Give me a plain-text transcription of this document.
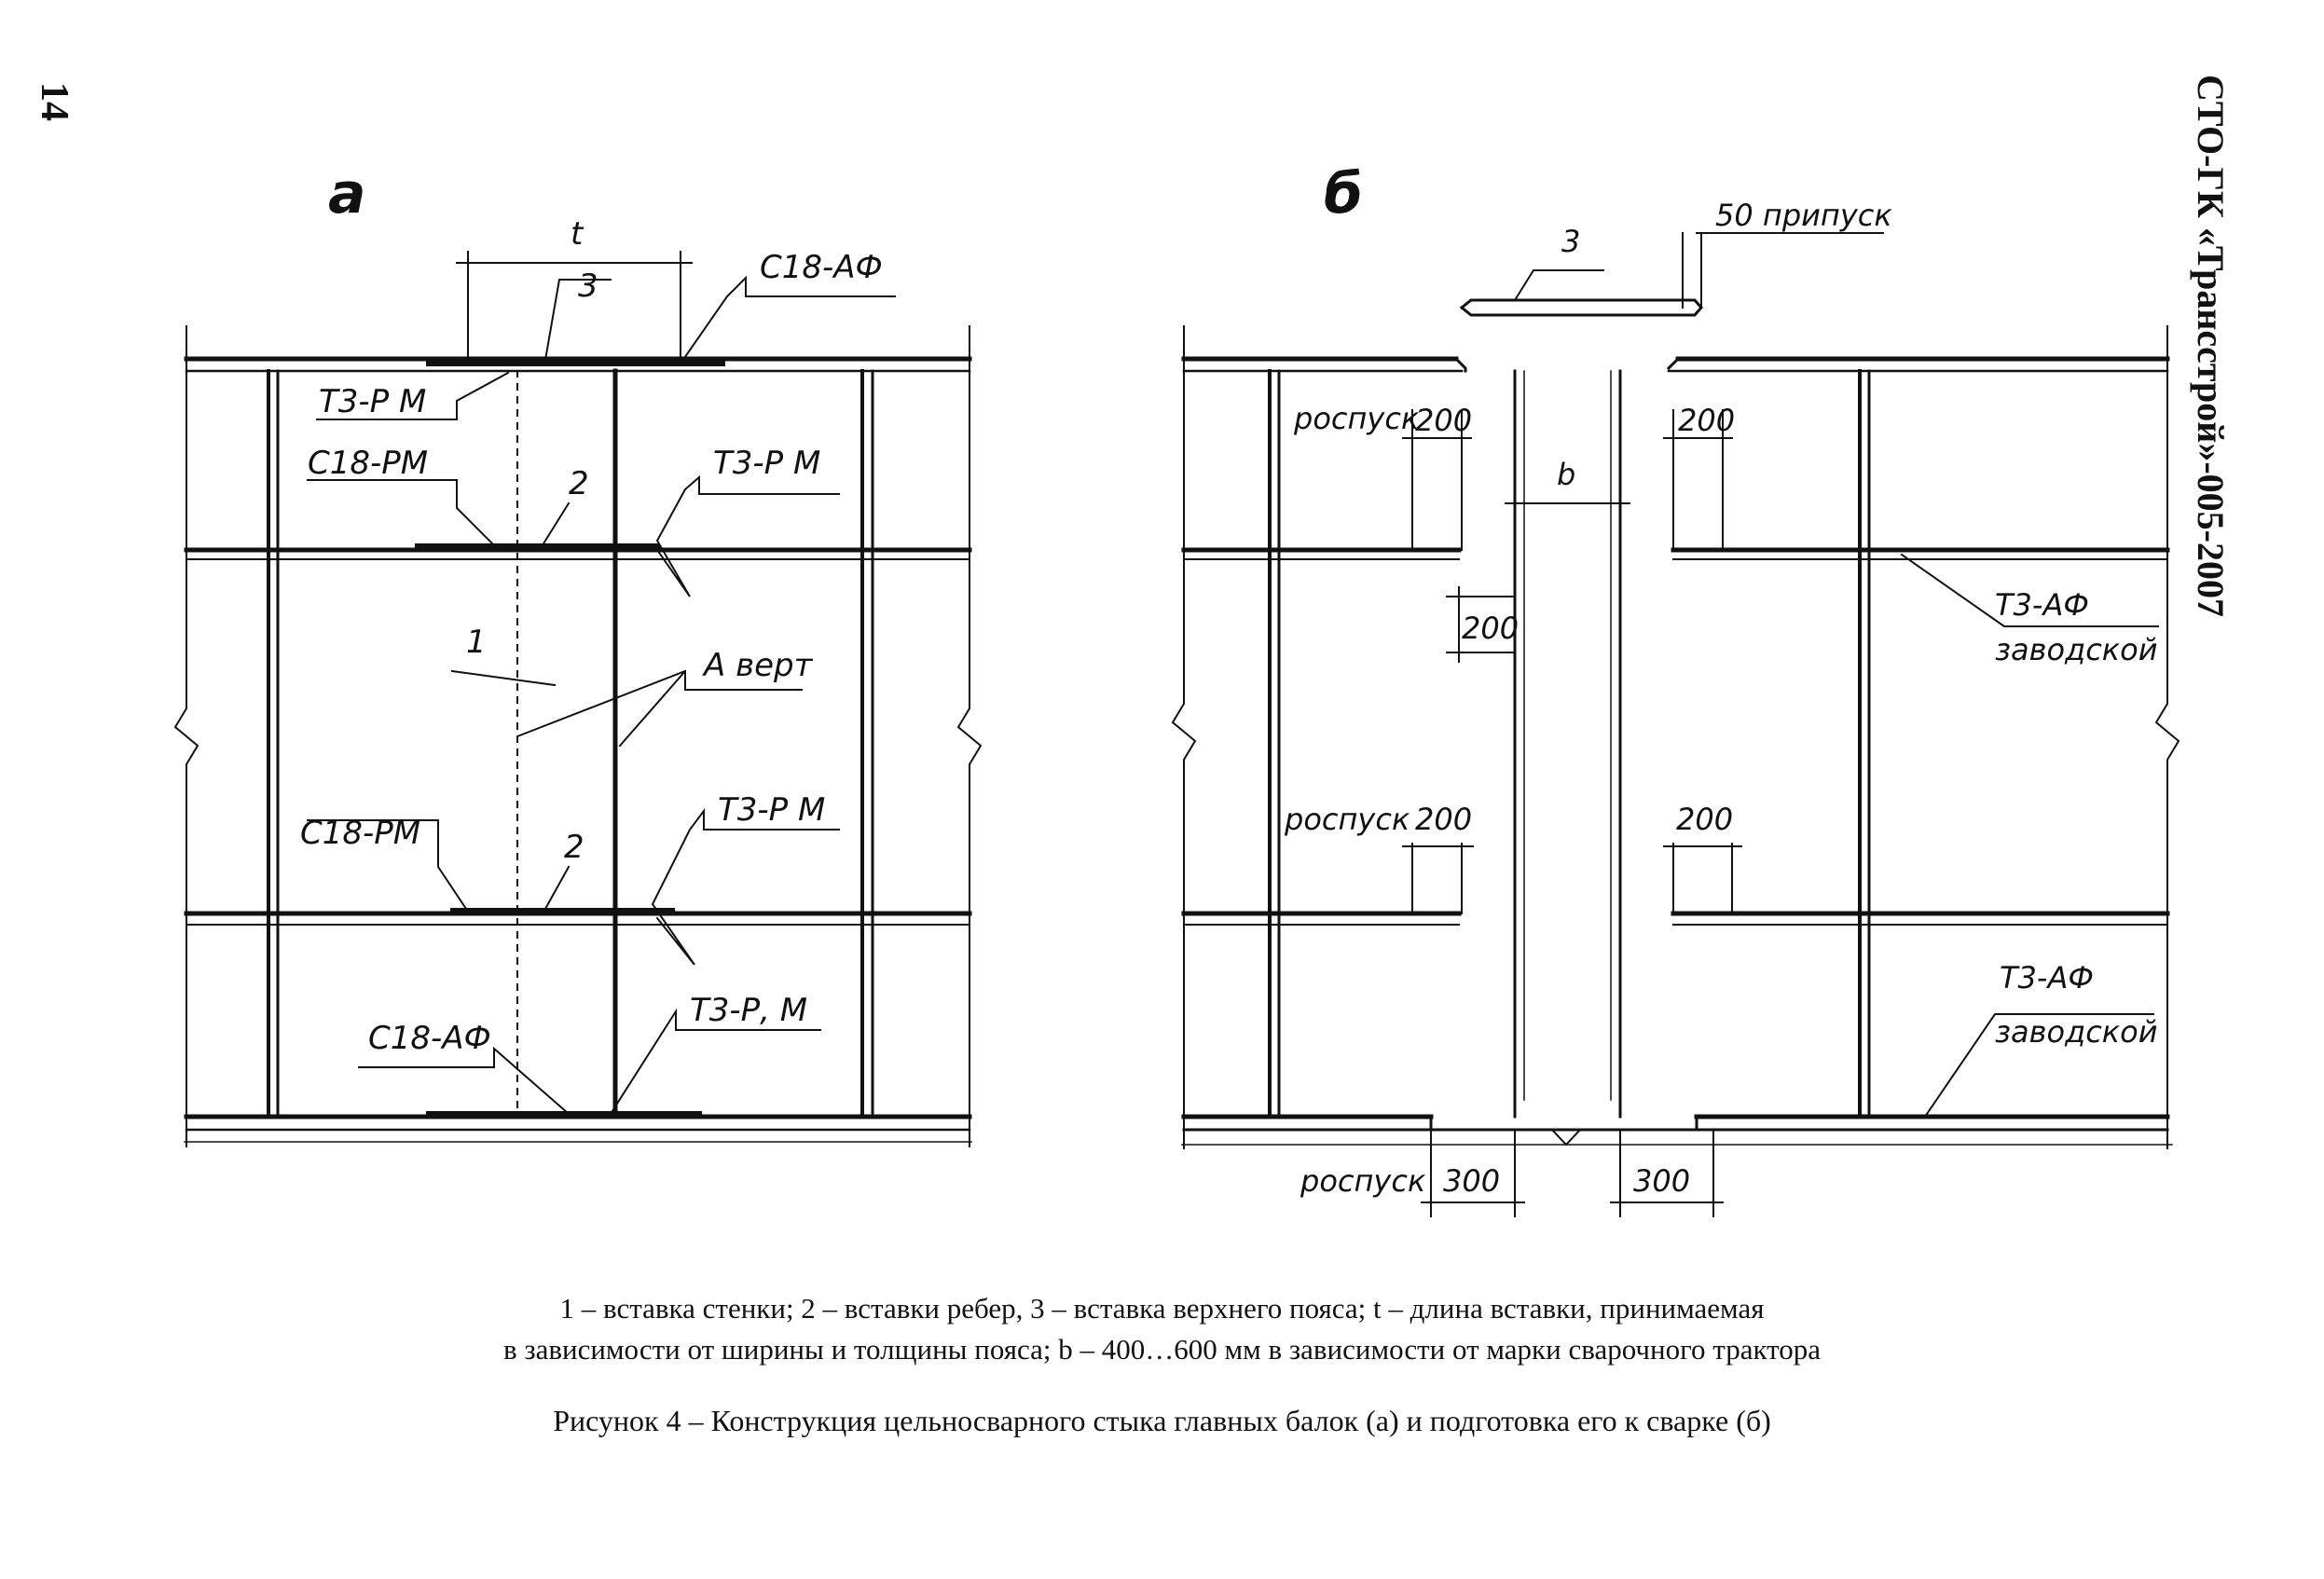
14	СТО-ГК «Трансстрой»-005-2007
а
t
3	С18-АФ
Т3-Р М
С18-РМ
2
Т3-Р М
1
А верт
С18-РМ	2
Т3-Р М
С18-АФ
Т3-Р, М
б
3
50 припуск
роспуск
200	200
b
200
Т3-АФ
заводской
роспуск 200	200
Т3-АФ
заводской
роспуск 300	300
1 – вставка стенки; 2 – вставки ребер, 3 – вставка верхнего пояса; t – длина вставки, принимаемая
в зависимости от ширины и толщины пояса; b – 400…600 мм в зависимости от марки сварочного трактора
Рисунок 4 – Конструкция цельносварного стыка главных балок (а) и подготовка его к сварке (б)
